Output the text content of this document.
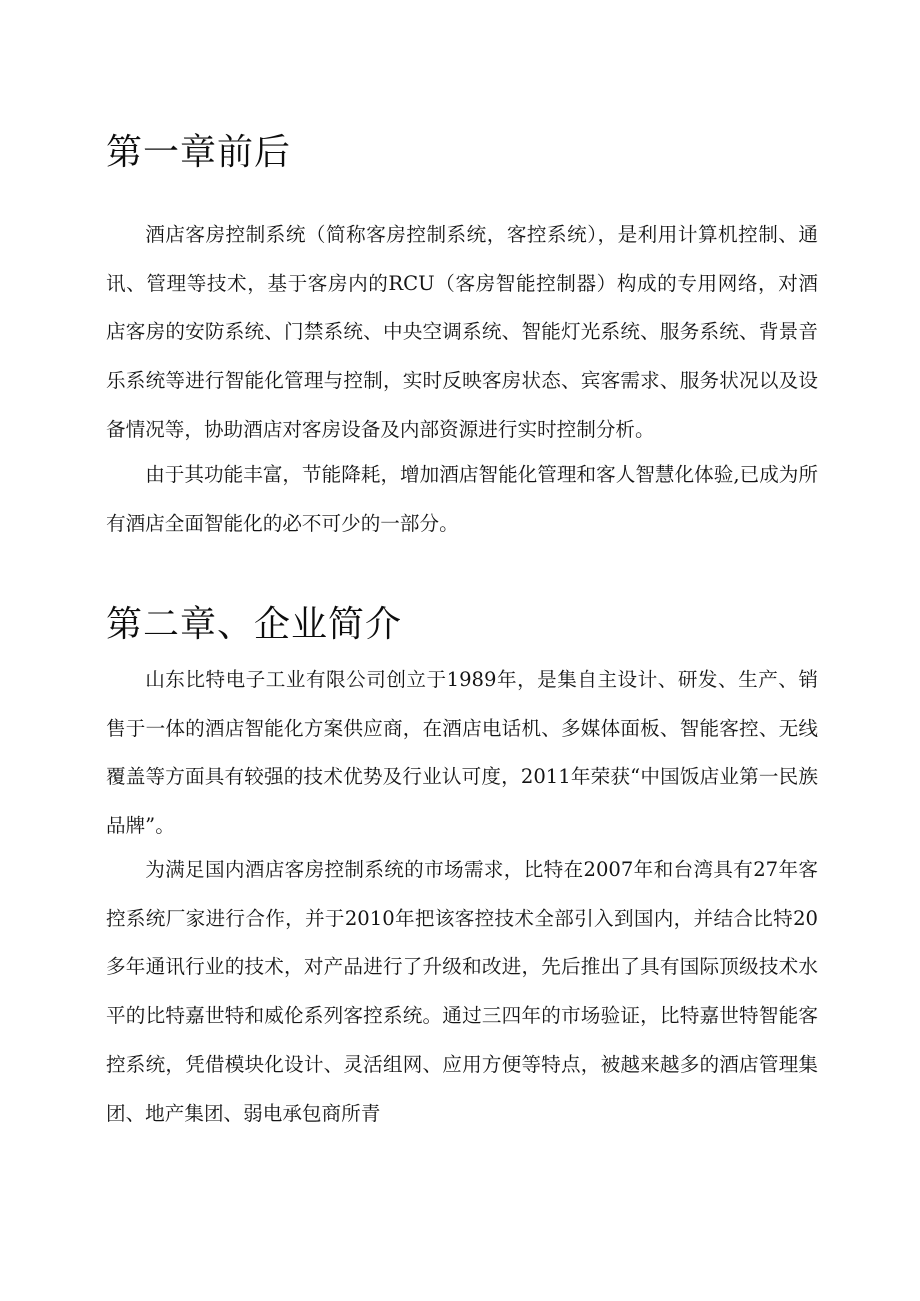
第一章前后

酒店客房控制系统（简称客房控制系统，客控系统），是利用计算机控制、通讯、管理等技术，基于客房内的RCU（客房智能控制器）构成的专用网络，对酒店客房的安防系统、门禁系统、中央空调系统、智能灯光系统、服务系统、背景音乐系统等进行智能化管理与控制，实时反映客房状态、宾客需求、服务状况以及设备情况等，协助酒店对客房设备及内部资源进行实时控制分析。

由于其功能丰富，节能降耗，增加酒店智能化管理和客人智慧化体验,已成为所有酒店全面智能化的必不可少的一部分。

第二章、企业简介

山东比特电子工业有限公司创立于1989年，是集自主设计、研发、生产、销售于一体的酒店智能化方案供应商，在酒店电话机、多媒体面板、智能客控、无线覆盖等方面具有较强的技术优势及行业认可度，2011年荣获“中国饭店业第一民族品牌”。

为满足国内酒店客房控制系统的市场需求，比特在2007年和台湾具有27年客控系统厂家进行合作，并于2010年把该客控技术全部引入到国内，并结合比特20多年通讯行业的技术，对产品进行了升级和改进，先后推出了具有国际顶级技术水平的比特嘉世特和威伦系列客控系统。通过三四年的市场验证，比特嘉世特智能客控系统，凭借模块化设计、灵活组网、应用方便等特点，被越来越多的酒店管理集团、地产集团、弱电承包商所青
